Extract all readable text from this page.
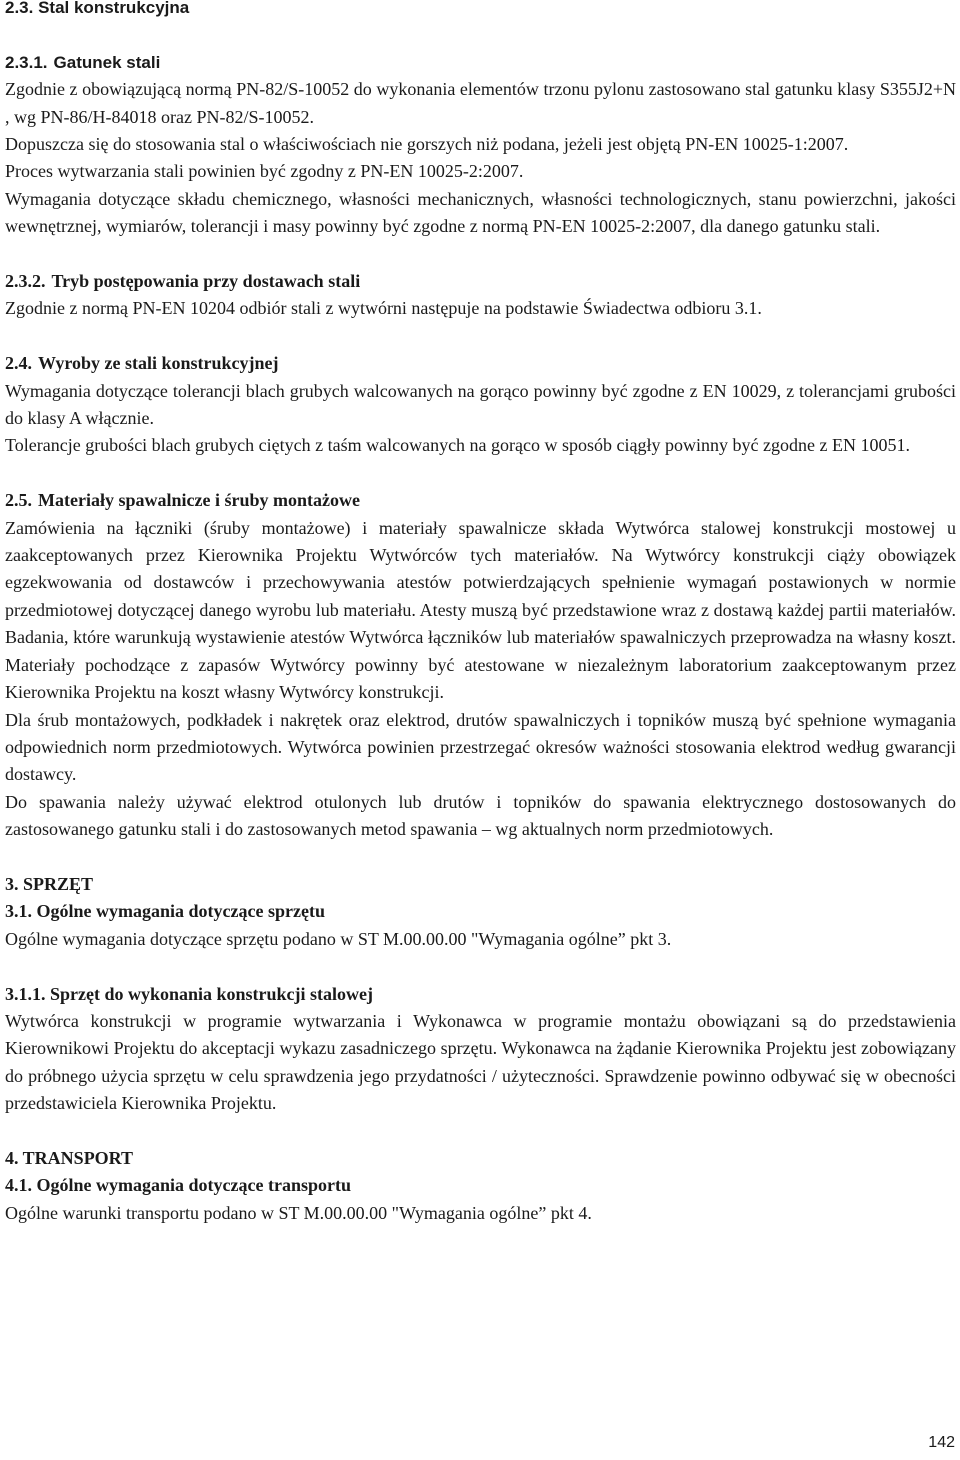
2.3. Stal konstrukcyjna
2.3.1. Gatunek stali

Zgodnie z obowiązującą normą PN-82/S-10052 do wykonania elementów trzonu pylonu zastosowano stal gatunku klasy S355J2+N , wg PN-86/H-84018 oraz PN-82/S-10052.

Dopuszcza się do stosowania stal o właściwościach nie gorszych niż podana, jeżeli jest objętą PN-EN 10025-1:2007.

Proces wytwarzania stali powinien być zgodny z PN-EN 10025-2:2007.

Wymagania dotyczące składu chemicznego, własności mechanicznych, własności technologicznych, stanu powierzchni, jakości wewnętrznej, wymiarów, tolerancji i masy powinny być zgodne z normą PN-EN 10025-2:2007, dla danego gatunku stali.

2.3.2. Tryb postępowania przy dostawach stali

Zgodnie z normą PN-EN 10204 odbiór stali z wytwórni następuje na podstawie Świadectwa odbioru 3.1.

2.4. Wyroby ze stali konstrukcyjnej

Wymagania dotyczące tolerancji blach grubych walcowanych na gorąco powinny być zgodne z EN 10029, z tolerancjami grubości do klasy A włącznie.

Tolerancje grubości blach grubych ciętych z taśm walcowanych na gorąco w sposób ciągły powinny być zgodne z EN 10051.

2.5. Materiały spawalnicze i śruby montażowe

Zamówienia na łączniki (śruby montażowe) i materiały spawalnicze składa Wytwórca stalowej konstrukcji mostowej u zaakceptowanych przez Kierownika Projektu Wytwórców tych materiałów. Na Wytwórcy konstrukcji ciąży obowiązek egzekwowania od dostawców i przechowywania atestów potwierdzających spełnienie wymagań postawionych w normie przedmiotowej dotyczącej danego wyrobu lub materiału. Atesty muszą być przedstawione wraz z dostawą każdej partii materiałów. Badania, które warunkują wystawienie atestów Wytwórca łączników lub materiałów spawalniczych przeprowadza na własny koszt. Materiały pochodzące z zapasów Wytwórcy powinny być atestowane w niezależnym laboratorium zaakceptowanym przez Kierownika Projektu na koszt własny Wytwórcy konstrukcji.

Dla śrub montażowych, podkładek i nakrętek oraz elektrod, drutów spawalniczych i topników muszą być spełnione wymagania odpowiednich norm przedmiotowych. Wytwórca powinien przestrzegać okresów ważności stosowania elektrod według gwarancji dostawcy.

Do spawania należy używać elektrod otulonych lub drutów i topników do spawania elektrycznego dostosowanych do zastosowanego gatunku stali i do zastosowanych metod spawania – wg aktualnych norm przedmiotowych.

3. SPRZĘT
3.1. Ogólne wymagania dotyczące sprzętu

Ogólne wymagania dotyczące sprzętu podano w ST M.00.00.00 "Wymagania ogólne” pkt 3.

3.1.1. Sprzęt do wykonania konstrukcji stalowej

Wytwórca konstrukcji w programie wytwarzania i Wykonawca w programie montażu obowiązani są do przedstawienia Kierownikowi Projektu do akceptacji wykazu zasadniczego sprzętu. Wykonawca na żądanie Kierownika Projektu jest zobowiązany do próbnego użycia sprzętu w celu sprawdzenia jego przydatności / użyteczności. Sprawdzenie powinno odbywać się w obecności przedstawiciela Kierownika Projektu.

4. TRANSPORT
4.1. Ogólne wymagania dotyczące transportu

Ogólne warunki transportu podano w ST M.00.00.00 "Wymagania ogólne” pkt 4.

142
